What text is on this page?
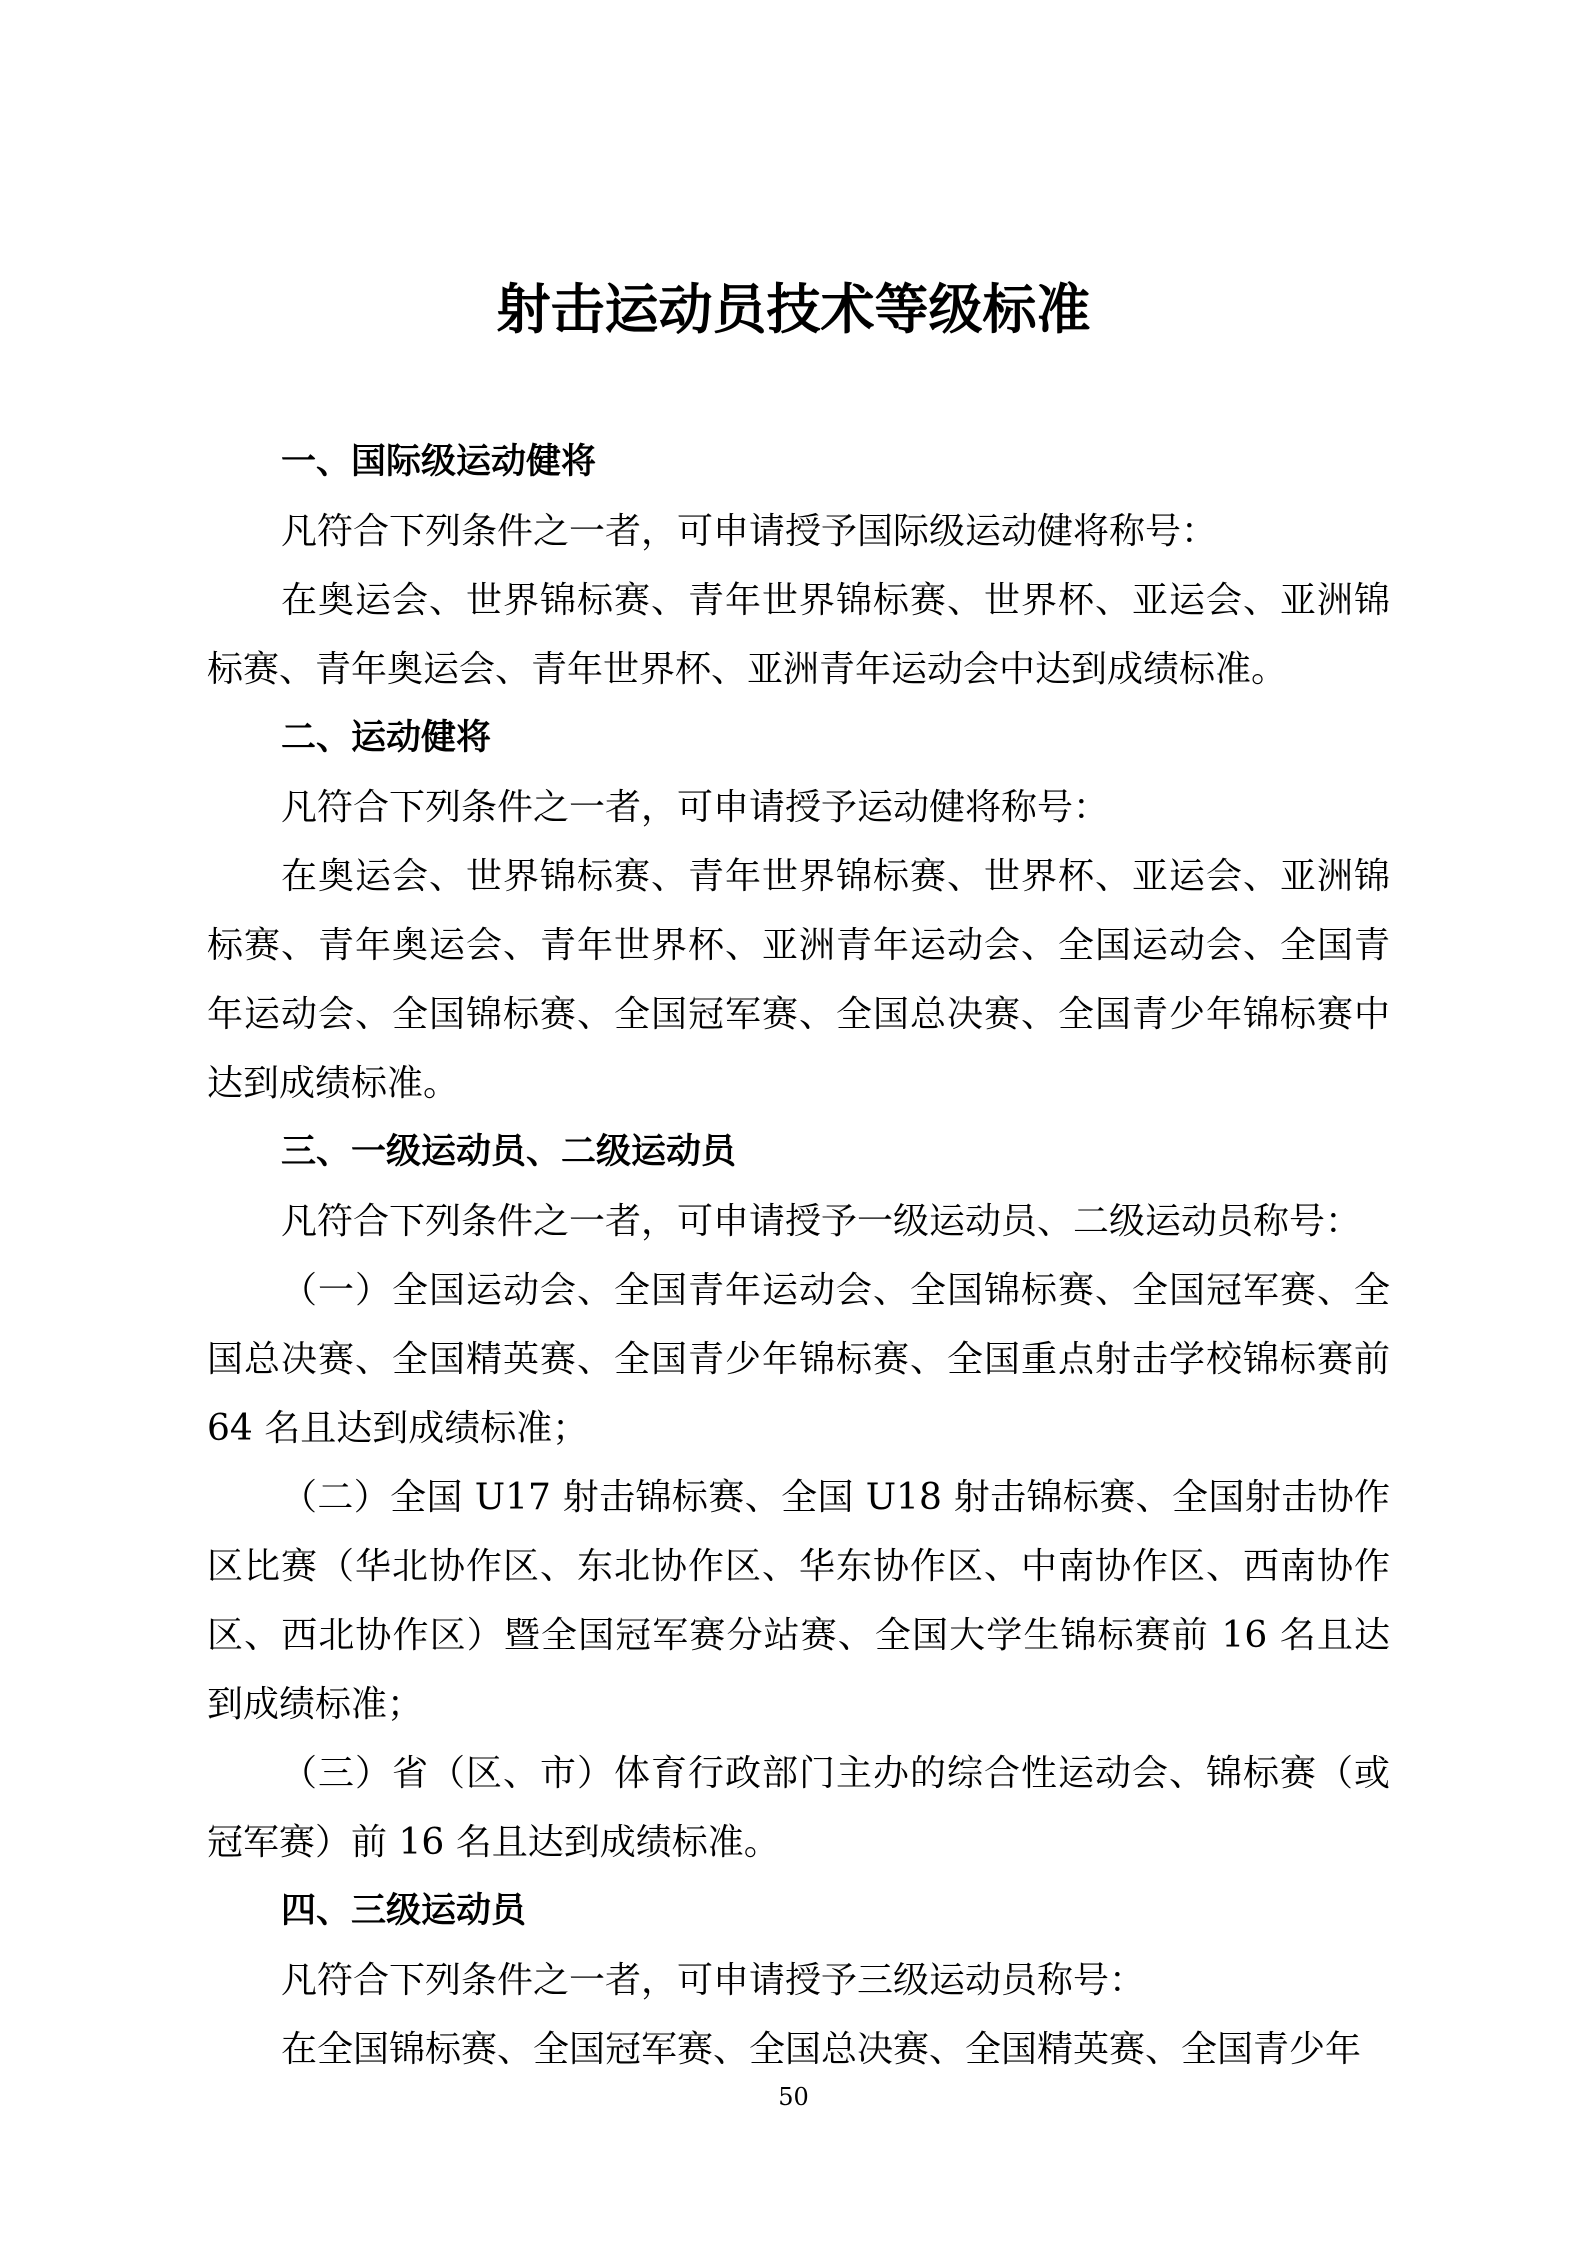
射击运动员技术等级标准

一、国际级运动健将

凡符合下列条件之一者，可申请授予国际级运动健将称号：

在奥运会、世界锦标赛、青年世界锦标赛、世界杯、亚运会、亚洲锦标赛、青年奥运会、青年世界杯、亚洲青年运动会中达到成绩标准。

二、运动健将

凡符合下列条件之一者，可申请授予运动健将称号：

在奥运会、世界锦标赛、青年世界锦标赛、世界杯、亚运会、亚洲锦标赛、青年奥运会、青年世界杯、亚洲青年运动会、全国运动会、全国青年运动会、全国锦标赛、全国冠军赛、全国总决赛、全国青少年锦标赛中达到成绩标准。

三、一级运动员、二级运动员

凡符合下列条件之一者，可申请授予一级运动员、二级运动员称号：

（一）全国运动会、全国青年运动会、全国锦标赛、全国冠军赛、全国总决赛、全国精英赛、全国青少年锦标赛、全国重点射击学校锦标赛前 64 名且达到成绩标准；

（二）全国 U17 射击锦标赛、全国 U18 射击锦标赛、全国射击协作区比赛（华北协作区、东北协作区、华东协作区、中南协作区、西南协作区、西北协作区）暨全国冠军赛分站赛、全国大学生锦标赛前 16 名且达到成绩标准；

（三）省（区、市）体育行政部门主办的综合性运动会、锦标赛（或冠军赛）前 16 名且达到成绩标准。

四、三级运动员

凡符合下列条件之一者，可申请授予三级运动员称号：

在全国锦标赛、全国冠军赛、全国总决赛、全国精英赛、全国青少年

50
